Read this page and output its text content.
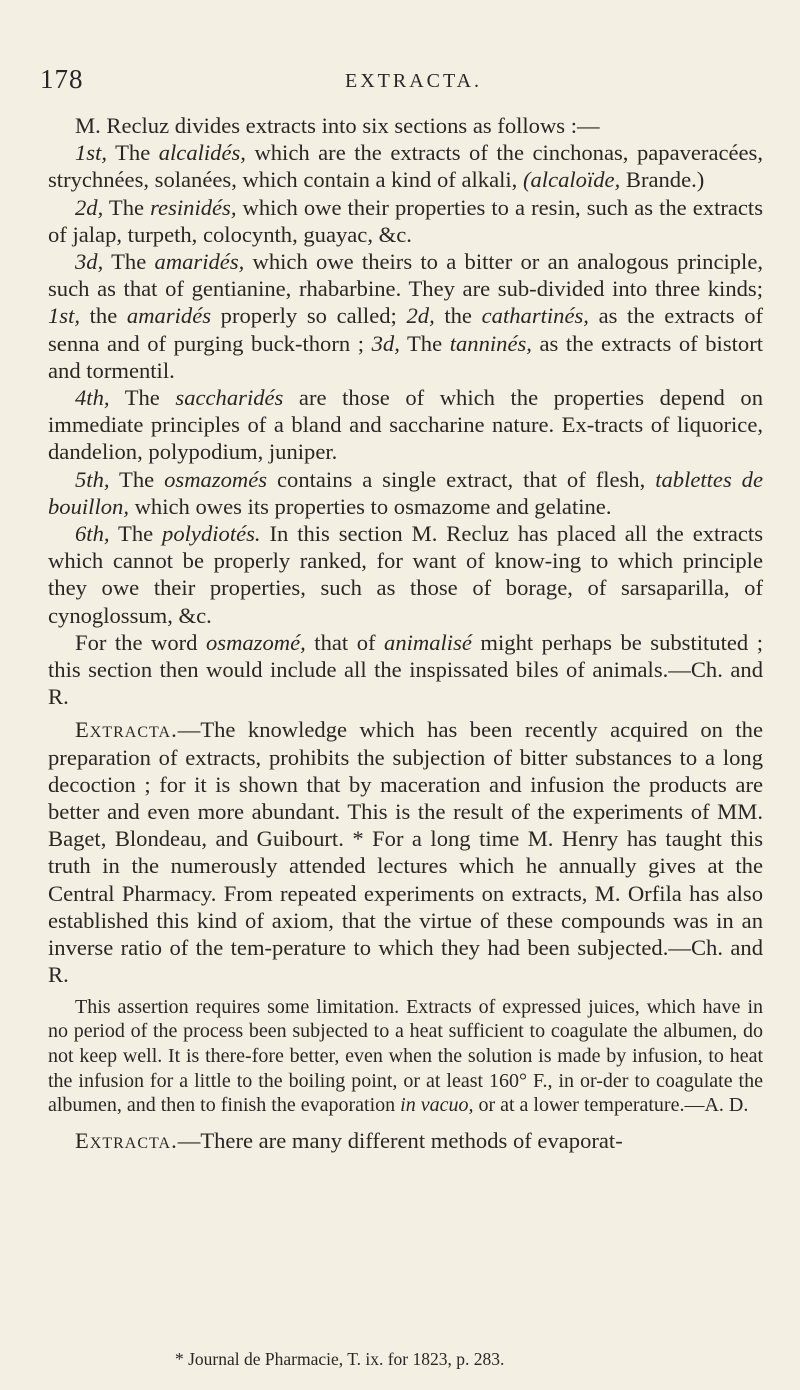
178	EXTRACTA.

M. Recluz divides extracts into six sections as follows :—

1st, The alcalidés, which are the extracts of the cinchonas, papaveracées, strychnées, solanées, which contain a kind of alkali, (alcaloïde, Brande.)

2d, The resinidés, which owe their properties to a resin, such as the extracts of jalap, turpeth, colocynth, guayac, &c.

3d, The amaridés, which owe theirs to a bitter or an analogous principle, such as that of gentianine, rhabarbine. They are sub-divided into three kinds; 1st, the amaridés properly so called; 2d, the cathartinés, as the extracts of senna and of purging buck-thorn ; 3d, The tanninés, as the extracts of bistort and tormentil.

4th, The saccharidés are those of which the properties depend on immediate principles of a bland and saccharine nature. Ex-tracts of liquorice, dandelion, polypodium, juniper.

5th, The osmazomés contains a single extract, that of flesh, tablettes de bouillon, which owes its properties to osmazome and gelatine.

6th, The polydiotés. In this section M. Recluz has placed all the extracts which cannot be properly ranked, for want of know-ing to which principle they owe their properties, such as those of borage, of sarsaparilla, of cynoglossum, &c.

For the word osmazomé, that of animalisé might perhaps be substituted ; this section then would include all the inspissated biles of animals.—Ch. and R.

Extracta.—The knowledge which has been recently acquired on the preparation of extracts, prohibits the subjection of bitter substances to a long decoction ; for it is shown that by maceration and infusion the products are better and even more abundant. This is the result of the experiments of MM. Baget, Blondeau, and Guibourt. * For a long time M. Henry has taught this truth in the numerously attended lectures which he annually gives at the Central Pharmacy. From repeated experiments on extracts, M. Orfila has also established this kind of axiom, that the virtue of these compounds was in an inverse ratio of the tem-perature to which they had been subjected.—Ch. and R.

This assertion requires some limitation. Extracts of expressed juices, which have in no period of the process been subjected to a heat sufficient to coagulate the albumen, do not keep well. It is there-fore better, even when the solution is made by infusion, to heat the infusion for a little to the boiling point, or at least 160° F., in or-der to coagulate the albumen, and then to finish the evaporation in vacuo, or at a lower temperature.—A. D.

Extracta.—There are many different methods of evaporat-

* Journal de Pharmacie, T. ix. for 1823, p. 283.
